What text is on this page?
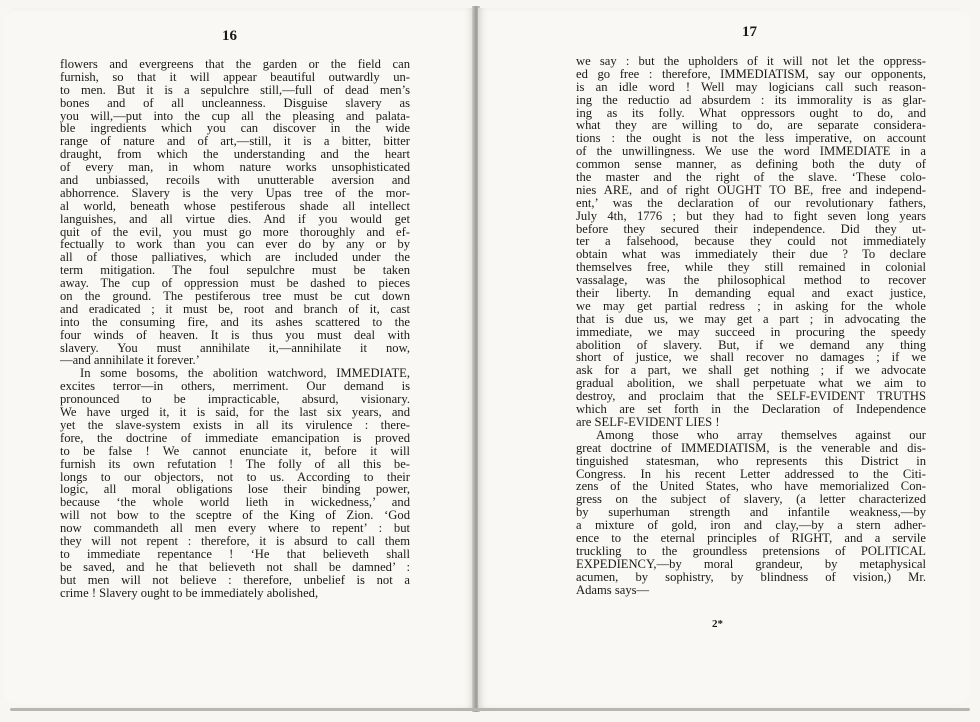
16
flowers and evergreens that the garden or the field can
furnish, so that it will appear beautiful outwardly un-
to men. But it is a sepulchre still,—full of dead men’s
bones and of all uncleanness. Disguise slavery as
you will,—put into the cup all the pleasing and palata-
ble ingredients which you can discover in the wide
range of nature and of art,—still, it is a bitter, bitter
draught, from which the understanding and the heart
of every man, in whom nature works unsophisticated
and unbiassed, recoils with unutterable aversion and
abhorrence. Slavery is the very Upas tree of the mor-
al world, beneath whose pestiferous shade all intellect
languishes, and all virtue dies. And if you would get
quit of the evil, you must go more thoroughly and ef-
fectually to work than you can ever do by any or by
all of those palliatives, which are included under the
term mitigation. The foul sepulchre must be taken
away. The cup of oppression must be dashed to pieces
on the ground. The pestiferous tree must be cut down
and eradicated ; it must be, root and branch of it, cast
into the consuming fire, and its ashes scattered to the
four winds of heaven. It is thus you must deal with
slavery. You must annihilate it,—annihilate it now,
—and annihilate it forever.’
In some bosoms, the abolition watchword, IMMEDIATE,
excites terror—in others, merriment. Our demand is
pronounced to be impracticable, absurd, visionary.
We have urged it, it is said, for the last six years, and
yet the slave-system exists in all its virulence : there-
fore, the doctrine of immediate emancipation is proved
to be false ! We cannot enunciate it, before it will
furnish its own refutation ! The folly of all this be-
longs to our objectors, not to us. According to their
logic, all moral obligations lose their binding power,
because ‘the whole world lieth in wickedness,’ and
will not bow to the sceptre of the King of Zion. ‘God
now commandeth all men every where to repent’ : but
they will not repent : therefore, it is absurd to call them
to immediate repentance ! ‘He that believeth shall
be saved, and he that believeth not shall be damned’ :
but men will not believe : therefore, unbelief is not a
crime ! Slavery ought to be immediately abolished,
17
we say : but the upholders of it will not let the oppress-
ed go free : therefore, IMMEDIATISM, say our opponents,
is an idle word ! Well may logicians call such reason-
ing the reductio ad absurdem : its immorality is as glar-
ing as its folly. What oppressors ought to do, and
what they are willing to do, are separate considera-
tions : the ought is not the less imperative, on account
of the unwillingness. We use the word IMMEDIATE in a
common sense manner, as defining both the duty of
the master and the right of the slave. ‘These colo-
nies ARE, and of right OUGHT TO BE, free and independ-
ent,’ was the declaration of our revolutionary fathers,
July 4th, 1776 ; but they had to fight seven long years
before they secured their independence. Did they ut-
ter a falsehood, because they could not immediately
obtain what was immediately their due ? To declare
themselves free, while they still remained in colonial
vassalage, was the philosophical method to recover
their liberty. In demanding equal and exact justice,
we may get partial redress ; in asking for the whole
that is due us, we may get a part ; in advocating the
immediate, we may succeed in procuring the speedy
abolition of slavery. But, if we demand any thing
short of justice, we shall recover no damages ; if we
ask for a part, we shall get nothing ; if we advocate
gradual abolition, we shall perpetuate what we aim to
destroy, and proclaim that the SELF-EVIDENT TRUTHS
which are set forth in the Declaration of Independence
are SELF-EVIDENT LIES !
Among those who array themselves against our
great doctrine of IMMEDIATISM, is the venerable and dis-
tinguished statesman, who represents this District in
Congress. In his recent Letter addressed to the Citi-
zens of the United States, who have memorialized Con-
gress on the subject of slavery, (a letter characterized
by superhuman strength and infantile weakness,—by
a mixture of gold, iron and clay,—by a stern adher-
ence to the eternal principles of RIGHT, and a servile
truckling to the groundless pretensions of POLITICAL
EXPEDIENCY,—by moral grandeur, by metaphysical
acumen, by sophistry, by blindness of vision,) Mr.
Adams says—
2*
